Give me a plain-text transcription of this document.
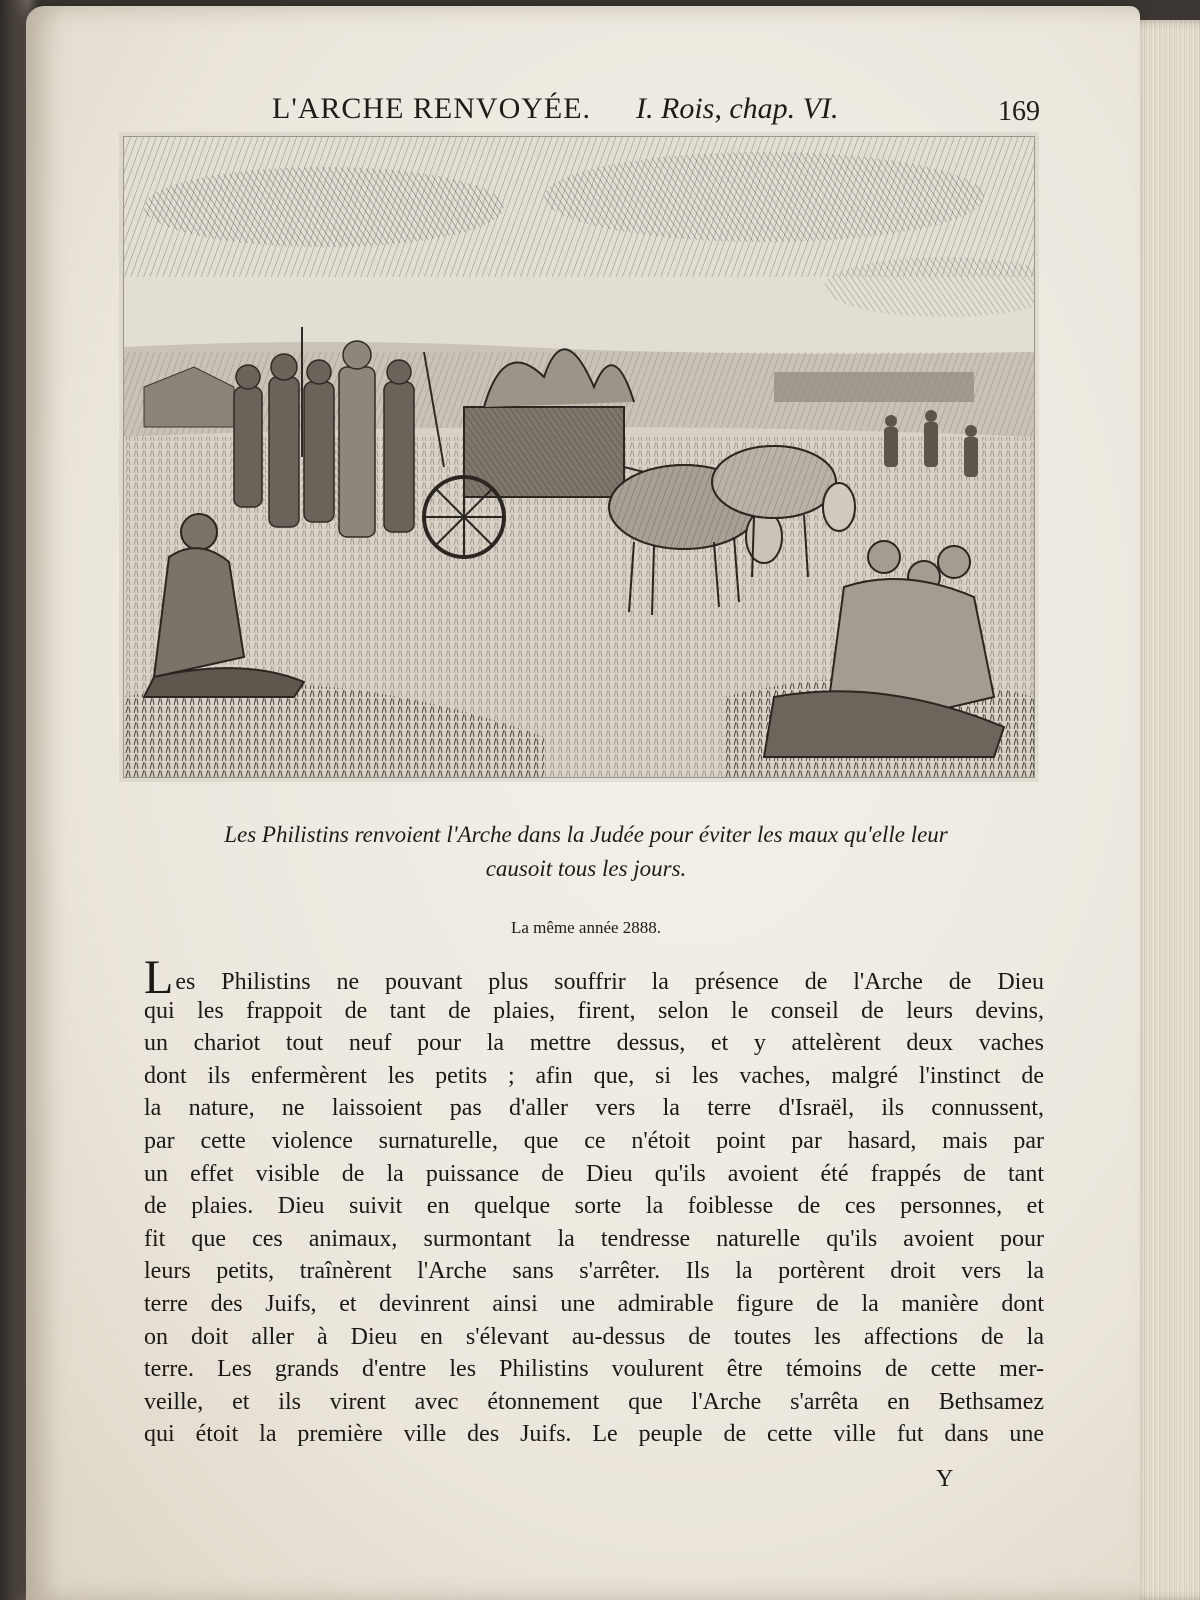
L'ARCHE RENVOYÉE. I. Rois, chap. VI.	169
Les Philistins renvoient l'Arche dans la Judée pour éviter les maux qu'elle leur
causoit tous les jours.
La même année 2888.
Les Philistins ne pouvant plus souffrir la présence de l'Arche de Dieu
qui les frappoit de tant de plaies, firent, selon le conseil de leurs devins,
un chariot tout neuf pour la mettre dessus, et y attelèrent deux vaches
dont ils enfermèrent les petits ; afin que, si les vaches, malgré l'instinct de
la nature, ne laissoient pas d'aller vers la terre d'Israël, ils connussent,
par cette violence surnaturelle, que ce n'étoit point par hasard, mais par
un effet visible de la puissance de Dieu qu'ils avoient été frappés de tant
de plaies. Dieu suivit en quelque sorte la foiblesse de ces personnes, et
fit que ces animaux, surmontant la tendresse naturelle qu'ils avoient pour
leurs petits, traînèrent l'Arche sans s'arrêter. Ils la portèrent droit vers la
terre des Juifs, et devinrent ainsi une admirable figure de la manière dont
on doit aller à Dieu en s'élevant au-dessus de toutes les affections de la
terre. Les grands d'entre les Philistins voulurent être témoins de cette mer-
veille, et ils virent avec étonnement que l'Arche s'arrêta en Bethsamez
qui étoit la première ville des Juifs. Le peuple de cette ville fut dans une
Y
